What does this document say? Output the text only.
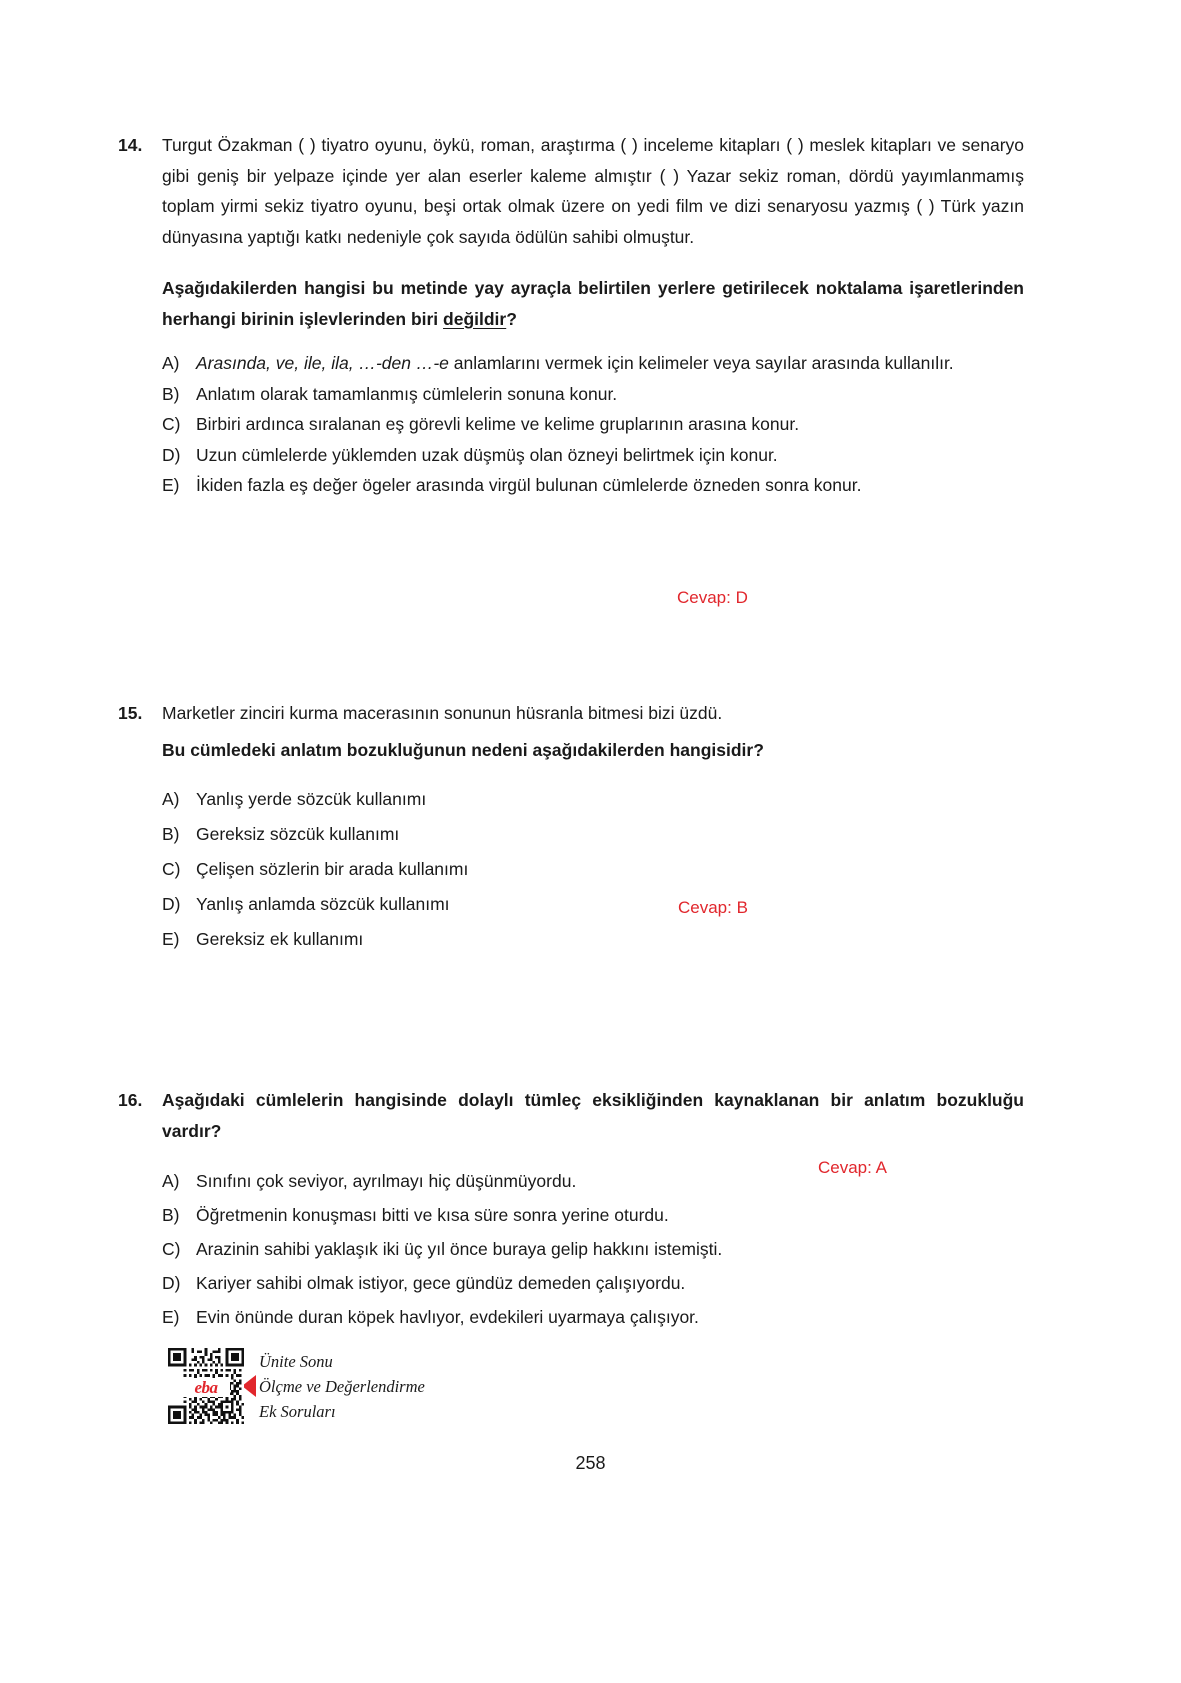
14.	Turgut Özakman ( ) tiyatro oyunu, öykü, roman, araştırma ( ) inceleme kitapları ( ) meslek kitapları ve senaryo gibi geniş bir yelpaze içinde yer alan eserler kaleme almıştır ( ) Yazar sekiz roman, dördü yayımlanmamış toplam yirmi sekiz tiyatro oyunu, beşi ortak olmak üzere on yedi film ve dizi senaryosu yazmış ( ) Türk yazın dünyasına yaptığı katkı nedeniyle çok sayıda ödülün sahibi olmuştur.
Aşağıdakilerden hangisi bu metinde yay ayraçla belirtilen yerlere getirilecek noktalama işaretlerinden herhangi birinin işlevlerinden biri değildir?
A) Arasında, ve, ile, ila, …-den …-e anlamlarını vermek için kelimeler veya sayılar arasında kullanılır.
B) Anlatım olarak tamamlanmış cümlelerin sonuna konur.
C) Birbiri ardınca sıralanan eş görevli kelime ve kelime gruplarının arasına konur.
D) Uzun cümlelerde yüklemden uzak düşmüş olan özneyi belirtmek için konur.
E) İkiden fazla eş değer ögeler arasında virgül bulunan cümlelerde özneden sonra konur.
Cevap: D
15.	Marketler zinciri kurma macerasının sonunun hüsranla bitmesi bizi üzdü.
Bu cümledeki anlatım bozukluğunun nedeni aşağıdakilerden hangisidir?
A) Yanlış yerde sözcük kullanımı
B) Gereksiz sözcük kullanımı
C) Çelişen sözlerin bir arada kullanımı
D) Yanlış anlamda sözcük kullanımı
E) Gereksiz ek kullanımı
Cevap: B
16.	Aşağıdaki cümlelerin hangisinde dolaylı tümleç eksikliğinden kaynaklanan bir anlatım bozukluğu vardır?
A) Sınıfını çok seviyor, ayrılmayı hiç düşünmüyordu.
B) Öğretmenin konuşması bitti ve kısa süre sonra yerine oturdu.
C) Arazinin sahibi yaklaşık iki üç yıl önce buraya gelip hakkını istemişti.
D) Kariyer sahibi olmak istiyor, gece gündüz demeden çalışıyordu.
E) Evin önünde duran köpek havlıyor, evdekileri uyarmaya çalışıyor.
Cevap: A
eba
Ünite Sonu
Ölçme ve Değerlendirme
Ek Soruları
258
